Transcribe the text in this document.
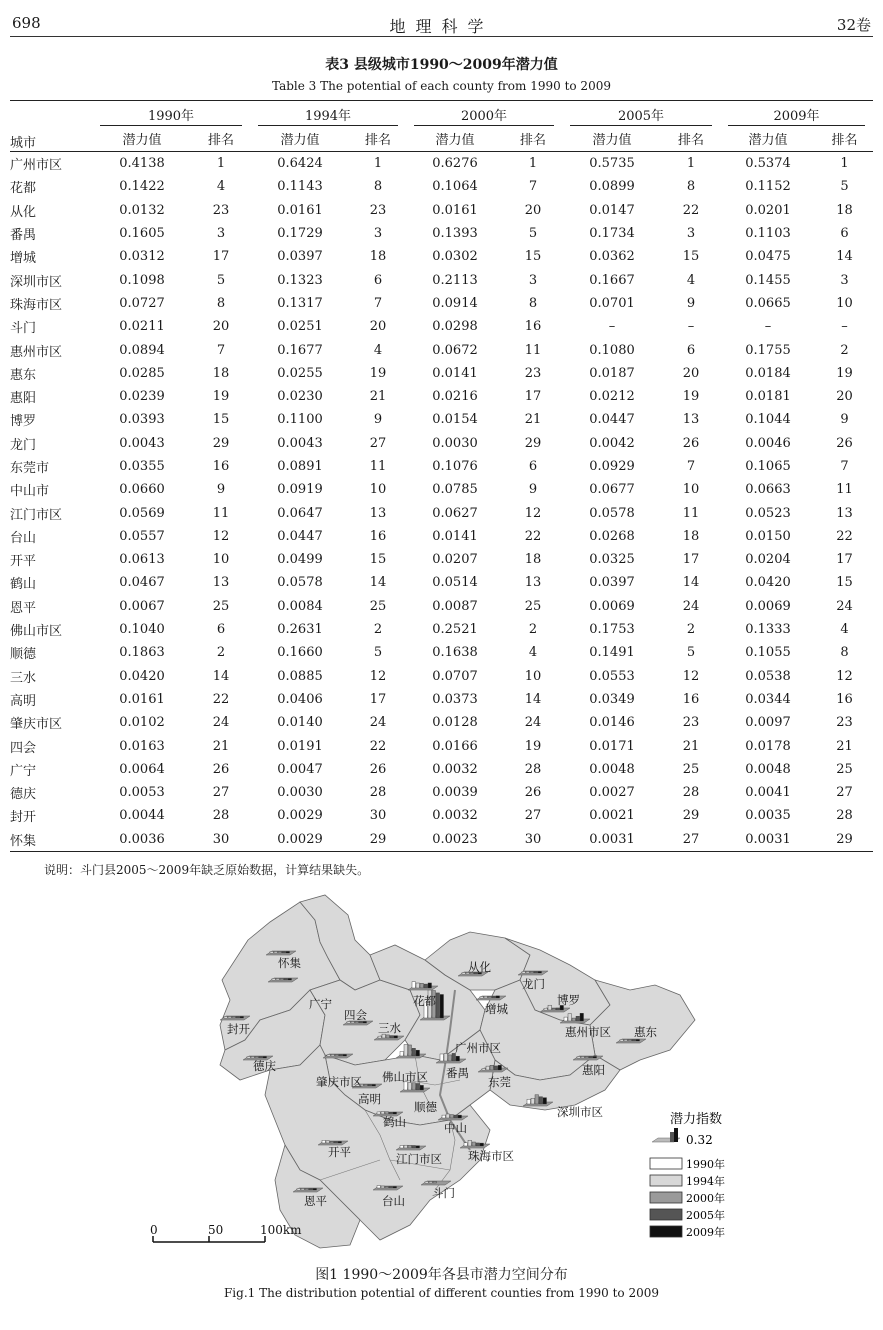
698	地理科学	32卷
表3 县级城市1990～2009年潜力值
Table 3 The potential of each county from 1990 to 2009
城市	1990年		1994年		2000年		2005年		2009年	

	潜力值	排名	潜力值	排名	潜力值	排名	潜力值	排名	潜力值	排名
广州市区	0.4138	1	0.6424	1	0.6276	1	0.5735	1	0.5374	1
花都	0.1422	4	0.1143	8	0.1064	7	0.0899	8	0.1152	5
从化	0.0132	23	0.0161	23	0.0161	20	0.0147	22	0.0201	18
番禺	0.1605	3	0.1729	3	0.1393	5	0.1734	3	0.1103	6
增城	0.0312	17	0.0397	18	0.0302	15	0.0362	15	0.0475	14
深圳市区	0.1098	5	0.1323	6	0.2113	3	0.1667	4	0.1455	3
珠海市区	0.0727	8	0.1317	7	0.0914	8	0.0701	9	0.0665	10
斗门	0.0211	20	0.0251	20	0.0298	16	–	–	–	–
惠州市区	0.0894	7	0.1677	4	0.0672	11	0.1080	6	0.1755	2
惠东	0.0285	18	0.0255	19	0.0141	23	0.0187	20	0.0184	19
惠阳	0.0239	19	0.0230	21	0.0216	17	0.0212	19	0.0181	20
博罗	0.0393	15	0.1100	9	0.0154	21	0.0447	13	0.1044	9
龙门	0.0043	29	0.0043	27	0.0030	29	0.0042	26	0.0046	26
东莞市	0.0355	16	0.0891	11	0.1076	6	0.0929	7	0.1065	7
中山市	0.0660	9	0.0919	10	0.0785	9	0.0677	10	0.0663	11
江门市区	0.0569	11	0.0647	13	0.0627	12	0.0578	11	0.0523	13
台山	0.0557	12	0.0447	16	0.0141	22	0.0268	18	0.0150	22
开平	0.0613	10	0.0499	15	0.0207	18	0.0325	17	0.0204	17
鹤山	0.0467	13	0.0578	14	0.0514	13	0.0397	14	0.0420	15
恩平	0.0067	25	0.0084	25	0.0087	25	0.0069	24	0.0069	24
佛山市区	0.1040	6	0.2631	2	0.2521	2	0.1753	2	0.1333	4
顺德	0.1863	2	0.1660	5	0.1638	4	0.1491	5	0.1055	8
三水	0.0420	14	0.0885	12	0.0707	10	0.0553	12	0.0538	12
高明	0.0161	22	0.0406	17	0.0373	14	0.0349	16	0.0344	16
肇庆市区	0.0102	24	0.0140	24	0.0128	24	0.0146	23	0.0097	23
四会	0.0163	21	0.0191	22	0.0166	19	0.0171	21	0.0178	21
广宁	0.0064	26	0.0047	26	0.0032	28	0.0048	25	0.0048	25
德庆	0.0053	27	0.0030	28	0.0039	26	0.0027	28	0.0041	27
封开	0.0044	28	0.0029	30	0.0032	27	0.0021	29	0.0035	28
怀集	0.0036	30	0.0029	29	0.0023	30	0.0031	27	0.0031	29
说明：斗门县2005～2009年缺乏原始数据，计算结果缺失。
怀集	从化
龙门
花都
广宁
四会
三水
增城
博罗
封开
广州市区
惠州市区 惠东
德庆
肇庆市区 佛山市区 番禺
东莞
惠阳
高明
顺德	深圳市区
鹤山	中山
开平	江门市区 珠海市区
恩平	台山
斗门
潜力指数
0.32
1990年
1994年
2000年
2005年
2009年
0	50	100km
图1 1990～2009年各县市潜力空间分布
Fig.1 The distribution potential of different counties from 1990 to 2009
